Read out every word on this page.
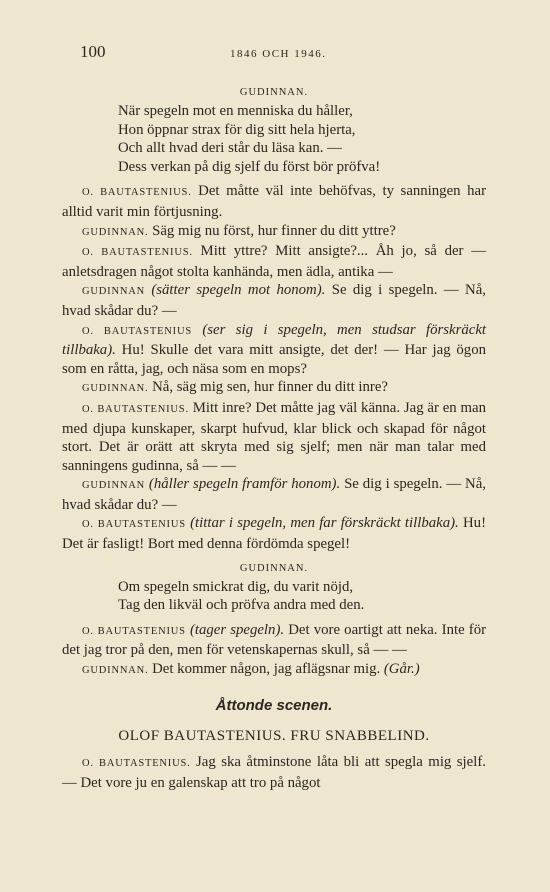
100	1846 OCH 1946.
GUDINNAN.
När spegeln mot en menniska du håller,
Hon öppnar strax för dig sitt hela hjerta,
Och allt hvad deri står du läsa kan. —
Dess verkan på dig sjelf du först bör pröfva!

O. BAUTASTENIUS. Det måtte väl inte behöfvas, ty sanningen har alltid varit min förtjusning.

GUDINNAN. Säg mig nu först, hur finner du ditt yttre?

O. BAUTASTENIUS. Mitt yttre? Mitt ansigte?... Åh jo, så der — anletsdragen något stolta kanhända, men ädla, antika —

GUDINNAN (sätter spegeln mot honom). Se dig i spegeln. — Nå, hvad skådar du? —

O. BAUTASTENIUS (ser sig i spegeln, men studsar förskräckt tillbaka). Hu! Skulle det vara mitt ansigte, det der! — Har jag ögon som en råtta, jag, och näsa som en mops?

GUDINNAN. Nå, säg mig sen, hur finner du ditt inre?

O. BAUTASTENIUS. Mitt inre? Det måtte jag väl känna. Jag är en man med djupa kunskaper, skarpt hufvud, klar blick och skapad för något stort. Det är orätt att skryta med sig sjelf; men när man talar med sanningens gudinna, så — —

GUDINNAN (håller spegeln framför honom). Se dig i spegeln. — Nå, hvad skådar du? —

O. BAUTASTENIUS (tittar i spegeln, men far förskräckt tillbaka). Hu! Det är fasligt! Bort med denna fördömda spegel!

GUDINNAN.
Om spegeln smickrat dig, du varit nöjd,
Tag den likväl och pröfva andra med den.

O. BAUTASTENIUS (tager spegeln). Det vore oartigt att neka. Inte för det jag tror på den, men för vetenskapernas skull, så — —

GUDINNAN. Det kommer någon, jag aflägsnar mig. (Går.)

Åttonde scenen.
OLOF BAUTASTENIUS. FRU SNABBELIND.

O. BAUTASTENIUS. Jag ska åtminstone låta bli att spegla mig sjelf. — Det vore ju en galenskap att tro på något
